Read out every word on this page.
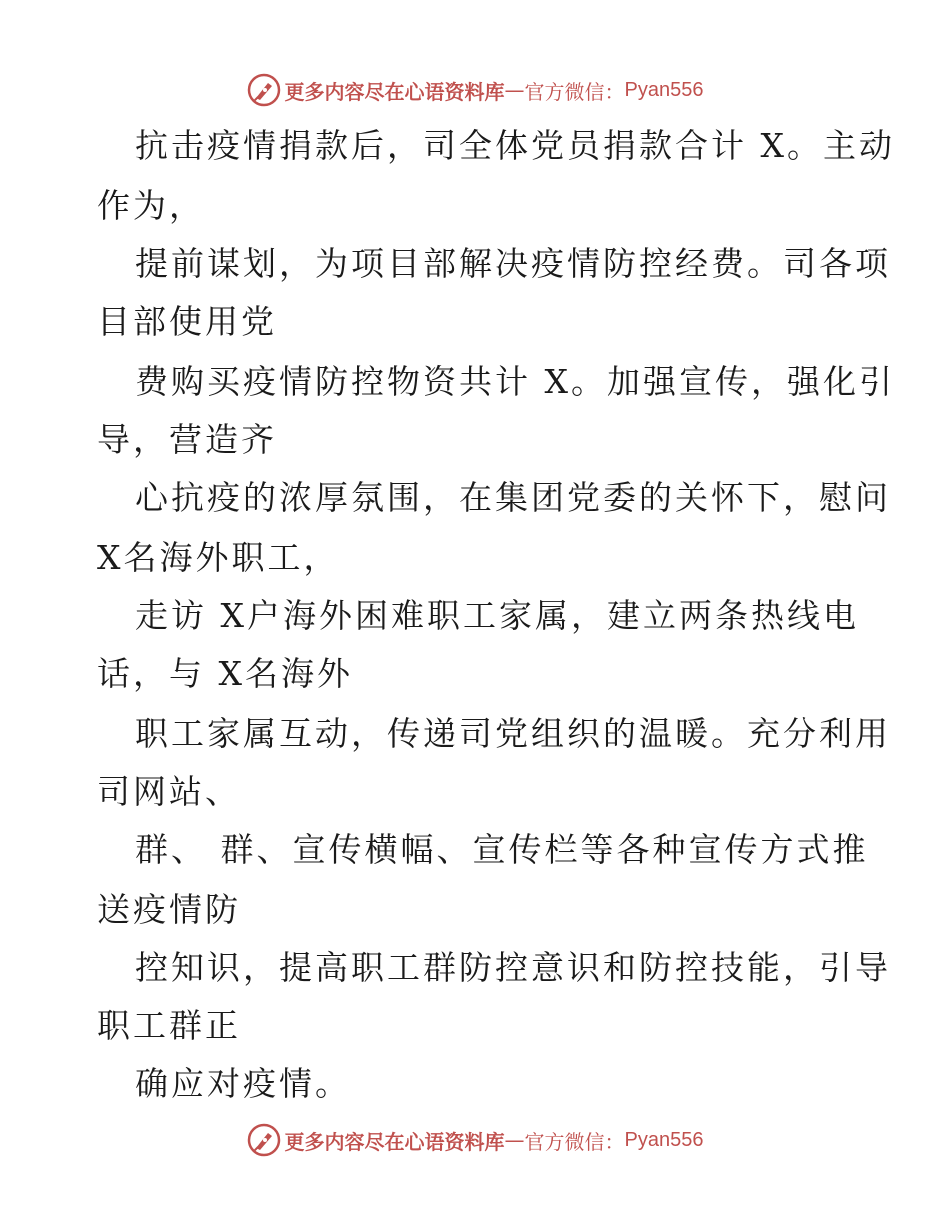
更多内容尽在心语资料库 — 官方微信： Pyan556
抗击疫情捐款后，司全体党员捐款合计 X。主动
作为，
提前谋划，为项目部解决疫情防控经费。司各项
目部使用党
费购买疫情防控物资共计 X。加强宣传，强化引
导，营造齐
心抗疫的浓厚氛围，在集团党委的关怀下，慰问
X名海外职工，
走访 X户海外困难职工家属，建立两条热线电
话，与 X名海外
职工家属互动，传递司党组织的温暖。充分利用
司网站、
群、 群、宣传横幅、宣传栏等各种宣传方式推
送疫情防
控知识，提高职工群防控意识和防控技能，引导
职工群正
确应对疫情。
更多内容尽在心语资料库 — 官方微信： Pyan556
